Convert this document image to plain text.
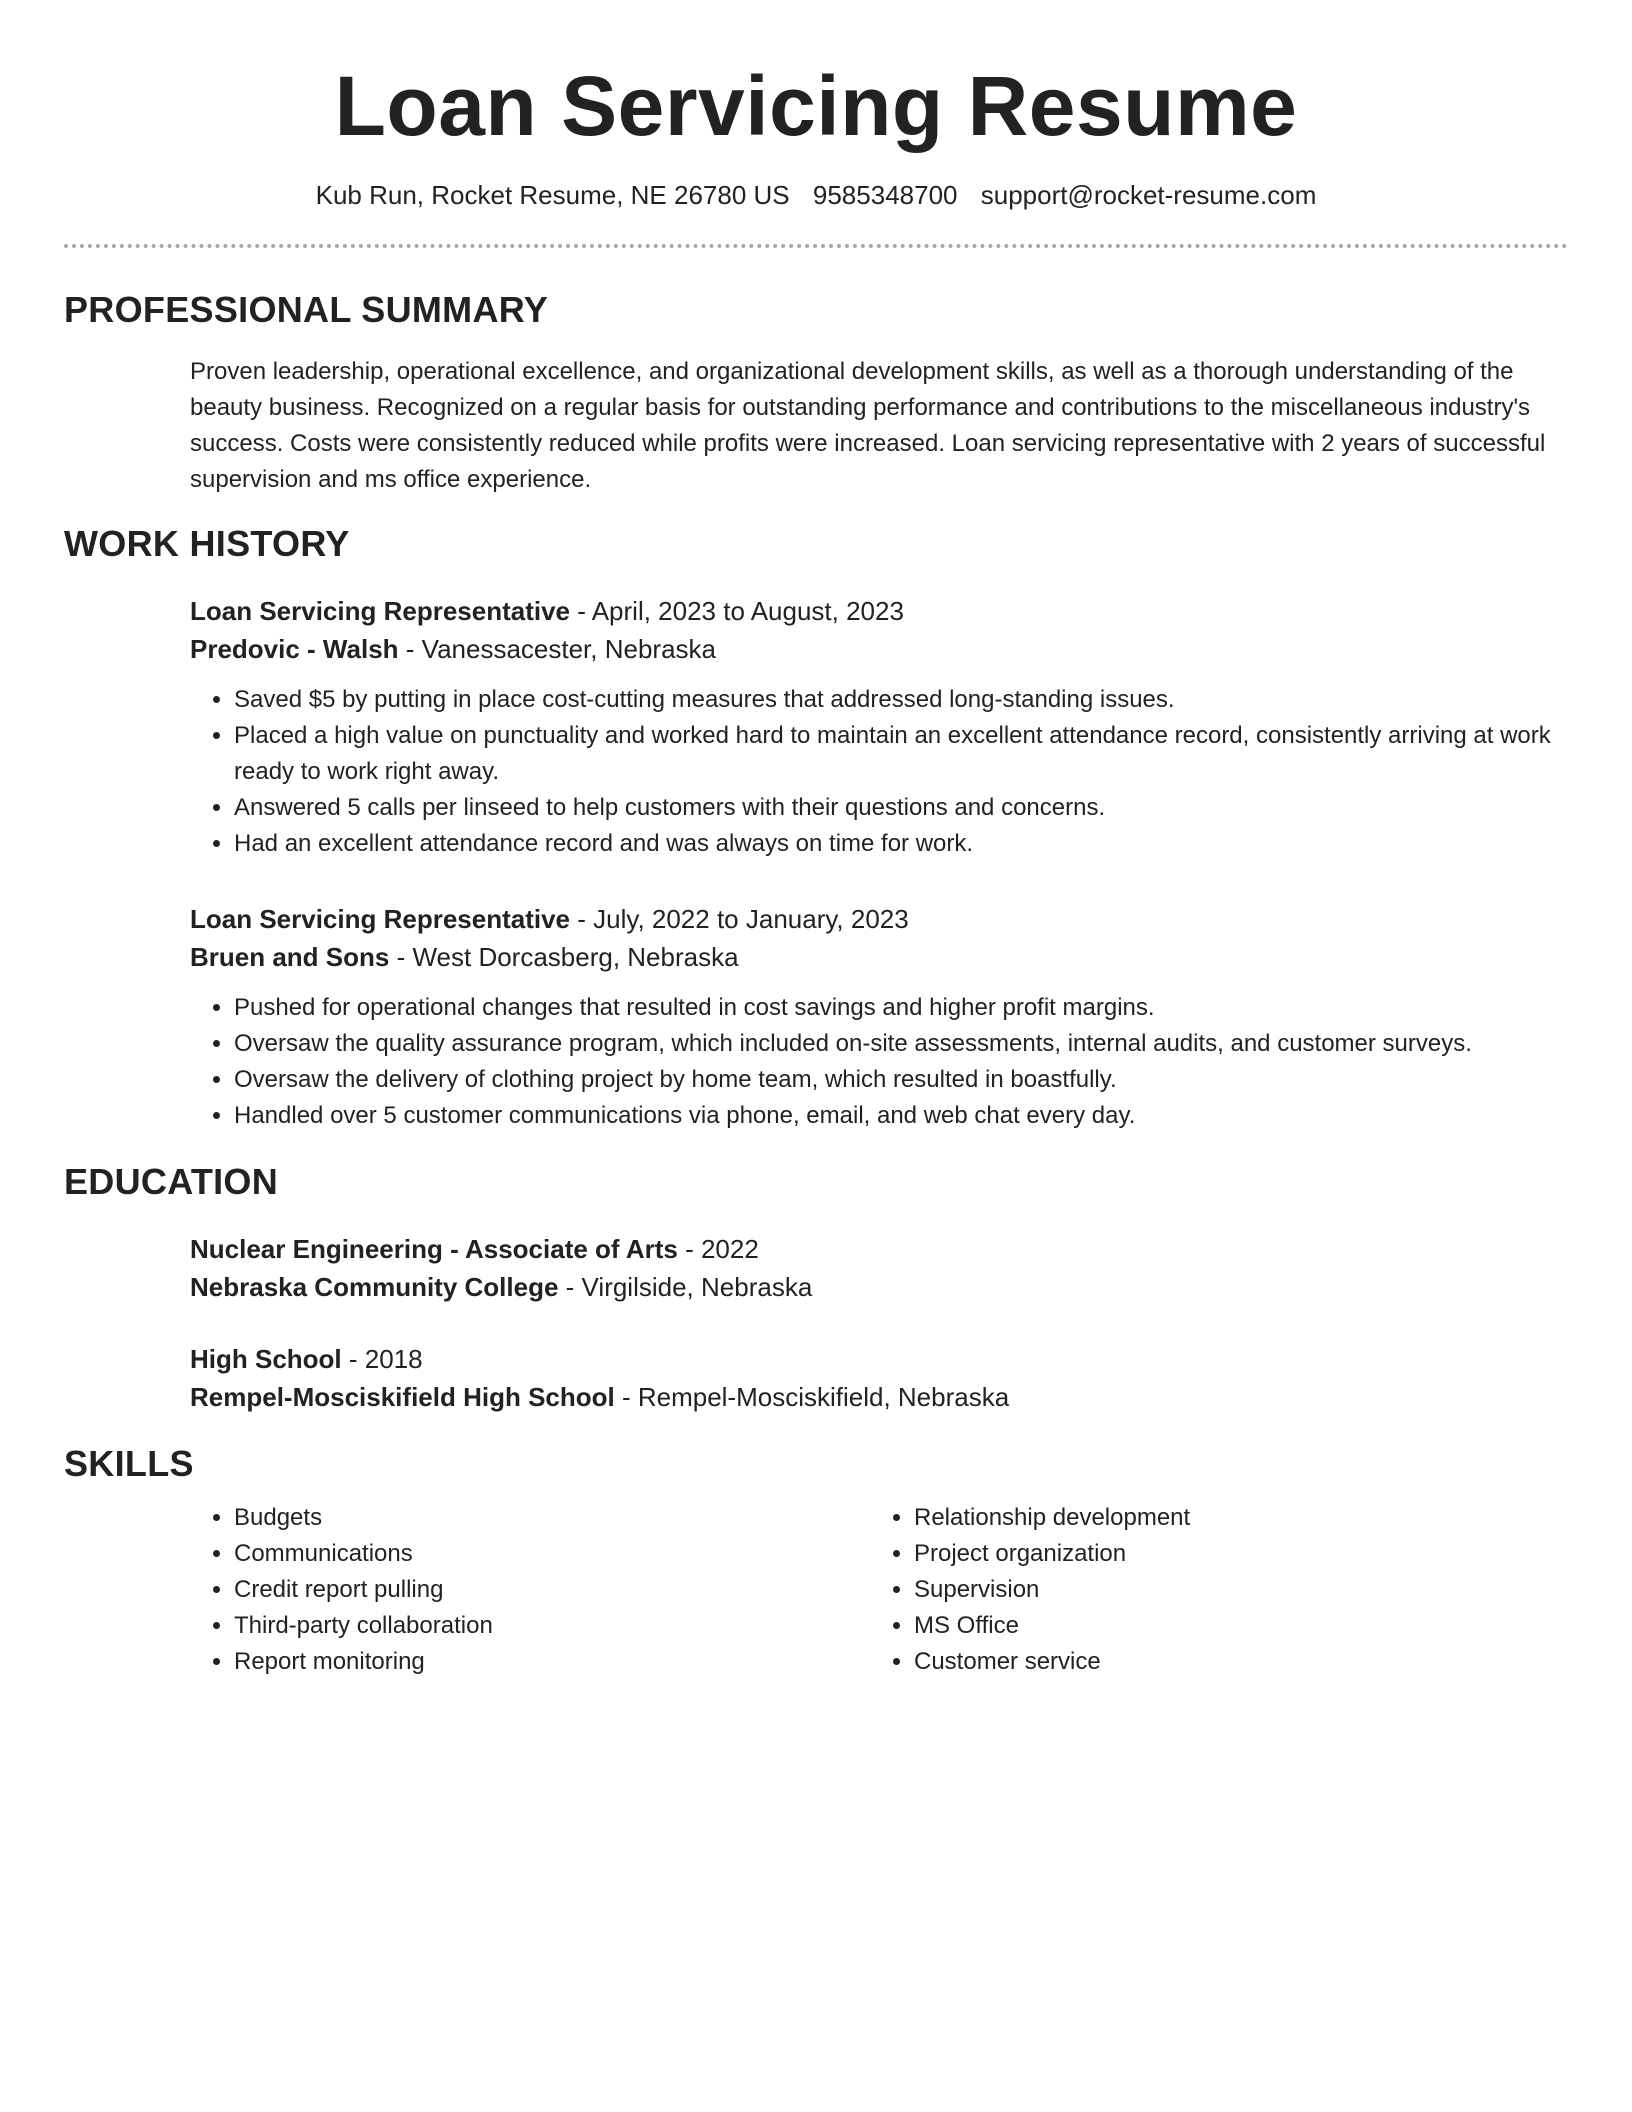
Loan Servicing Resume
Kub Run, Rocket Resume, NE 26780 US 9585348700 support@rocket-resume.com
PROFESSIONAL SUMMARY

Proven leadership, operational excellence, and organizational development skills, as well as a thorough understanding of the beauty business. Recognized on a regular basis for outstanding performance and contributions to the miscellaneous industry's success. Costs were consistently reduced while profits were increased. Loan servicing representative with 2 years of successful supervision and ms office experience.

WORK HISTORY
Loan Servicing Representative - April, 2023 to August, 2023
Predovic - Walsh - Vanessacester, Nebraska
• Saved $5 by putting in place cost-cutting measures that addressed long-standing issues.
• Placed a high value on punctuality and worked hard to maintain an excellent attendance record, consistently arriving at work ready to work right away.
• Answered 5 calls per linseed to help customers with their questions and concerns.
• Had an excellent attendance record and was always on time for work.
Loan Servicing Representative - July, 2022 to January, 2023
Bruen and Sons - West Dorcasberg, Nebraska
• Pushed for operational changes that resulted in cost savings and higher profit margins.
• Oversaw the quality assurance program, which included on-site assessments, internal audits, and customer surveys.
• Oversaw the delivery of clothing project by home team, which resulted in boastfully.
• Handled over 5 customer communications via phone, email, and web chat every day.
EDUCATION
Nuclear Engineering - Associate of Arts - 2022
Nebraska Community College - Virgilside, Nebraska
High School - 2018
Rempel-Mosciskifield High School - Rempel-Mosciskifield, Nebraska
SKILLS
• Budgets
• Communications
• Credit report pulling
• Third-party collaboration
• Report monitoring
• Relationship development
• Project organization
• Supervision
• MS Office
• Customer service
